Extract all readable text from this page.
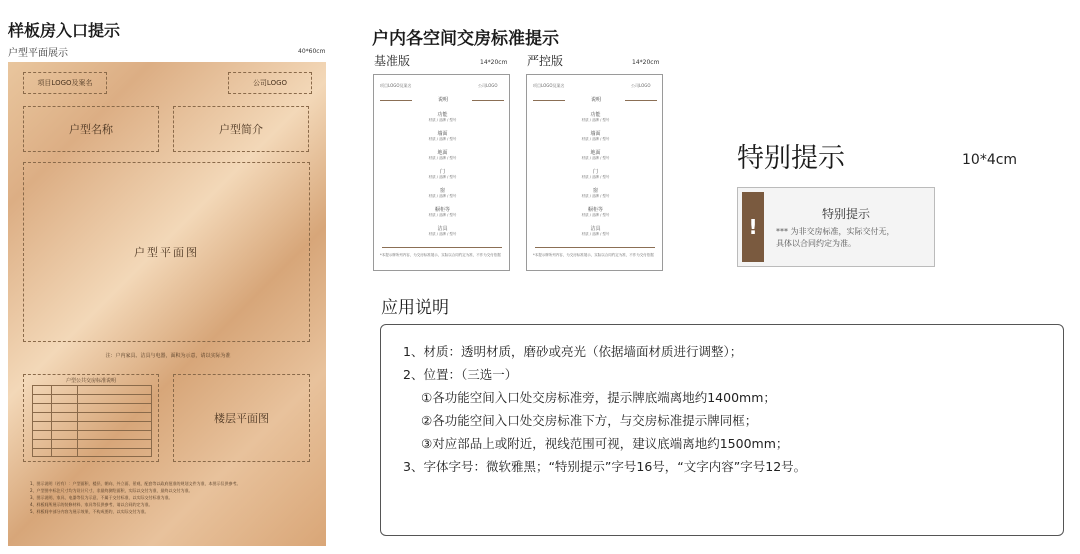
样板房入口提示
户型平面展示	40*60cm
项目LOGO及案名	公司LOGO
户型名称	户型简介
户型平面图
注：户内家具、洁具与电器，面积为示意，请以实际为准
户型公共交房标准说明
楼层平面图
1、图示说明（若有）：户型面积、楼层、朝向、外立面、景观、配套等以政府批准的规划文件为准，本图示仅供参考。
2、户型图中标注尺寸均为设计尺寸，非最终测绘面积，实际以交付为准，最终以交付为准。
3、图示说明、家具、电器等仅为示意，不属于交付标准，以实际交付标准为准。
4、样板间所展示的装修材料、家具等仅供参考，请以合同约定为准。
5、样板间中部分内容为展示效果，不构成要约，以实际交付为准。
户内各空间交房标准提示
基准版	14*20cm 严控版	14*20cm
项目LOGO及案名	公司LOGO
说明
功能
材质 / 品牌 / 型号
墙面
材质 / 品牌 / 型号
地面
材质 / 品牌 / 型号
门
材质 / 品牌 / 型号
窗
材质 / 品牌 / 型号
橱柜等
材质 / 品牌 / 型号
洁具
材质 / 品牌 / 型号
*本提示牌所列内容，为交房标准展示，实际以合同约定为准，不作为交付依据
项目LOGO及案名	公司LOGO
说明
功能
材质 / 品牌 / 型号
墙面
材质 / 品牌 / 型号
地面
材质 / 品牌 / 型号
门
材质 / 品牌 / 型号
窗
材质 / 品牌 / 型号
橱柜等
材质 / 品牌 / 型号
洁具
材质 / 品牌 / 型号
*本提示牌所列内容，为交房标准展示，实际以合同约定为准，不作为交付依据
特别提示	10*4cm
!
特别提示
*** 为非交房标准，实际交付无，
具体以合同约定为准。
应用说明
1、材质：透明材质，磨砂或亮光（依据墙面材质进行调整）；
2、位置：（三选一）
①各功能空间入口处交房标准旁，提示牌底端离地约1400mm；
②各功能空间入口处交房标准下方，与交房标准提示牌同框；
③对应部品上或附近，视线范围可视，建议底端离地约1500mm；
3、字体字号：微软雅黑；“特别提示”字号16号，“文字内容”字号12号。
